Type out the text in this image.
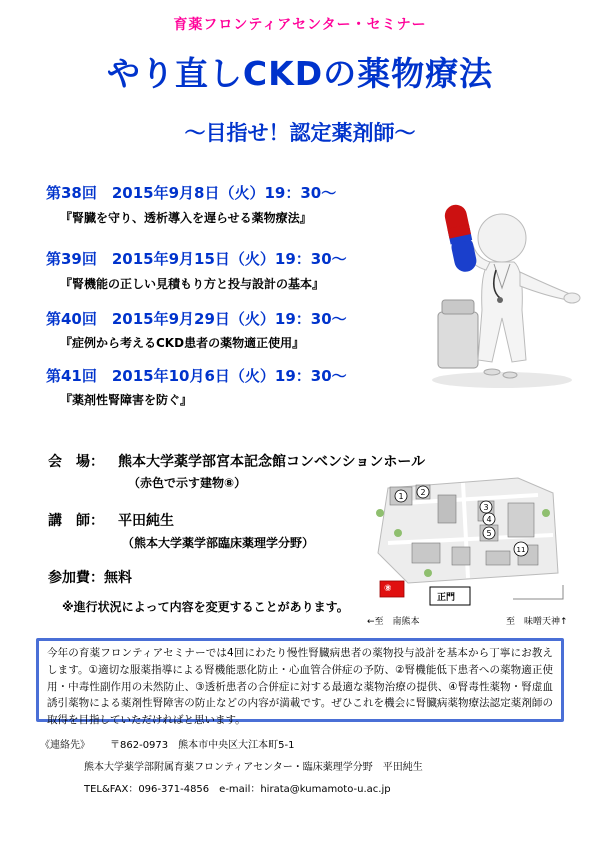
育薬フロンティアセンター・セミナー
やり直しCKDの薬物療法
～目指せ！認定薬剤師～
第38回　2015年9月8日（火）19：30～
『腎臓を守り、透析導入を遅らせる薬物療法』
第39回　2015年9月15日（火）19：30～
『腎機能の正しい見積もり方と投与設計の基本』
第40回　2015年9月29日（火）19：30～
『症例から考えるCKD患者の薬物適正使用』
第41回　2015年10月6日（火）19：30～
『薬剤性腎障害を防ぐ』
会　場： 熊本大学薬学部宮本記念館コンベンションホール
（赤色で示す建物⑧）
講　師： 平田純生
（熊本大学薬学部臨床薬理学分野）
参加費： 無料
※進行状況によって内容を変更することがあります。
1 2
3
4
5
11
⑧
正門
←至　南熊本	至　味噌天神↑
今年の育薬フロンティアセミナーでは4回にわたり慢性腎臓病患者の薬物投与設計を基本から丁寧にお教えします。①適切な服薬指導による腎機能悪化防止・心血管合併症の予防、②腎機能低下患者への薬物適正使用・中毒性副作用の未然防止、③透析患者の合併症に対する最適な薬物治療の提供、④腎毒性薬物・腎虚血誘引薬物による薬剤性腎障害の防止などの内容が満載です。ぜひこれを機会に腎臓病薬物療法認定薬剤師の取得を目指していただければと思います。
《連絡先》 〒862-0973　熊本市中央区大江本町5-1
熊本大学薬学部附属育薬フロンティアセンター・臨床薬理学分野　平田純生
TEL&FAX：096-371-4856　e-mail：hirata@kumamoto-u.ac.jp
